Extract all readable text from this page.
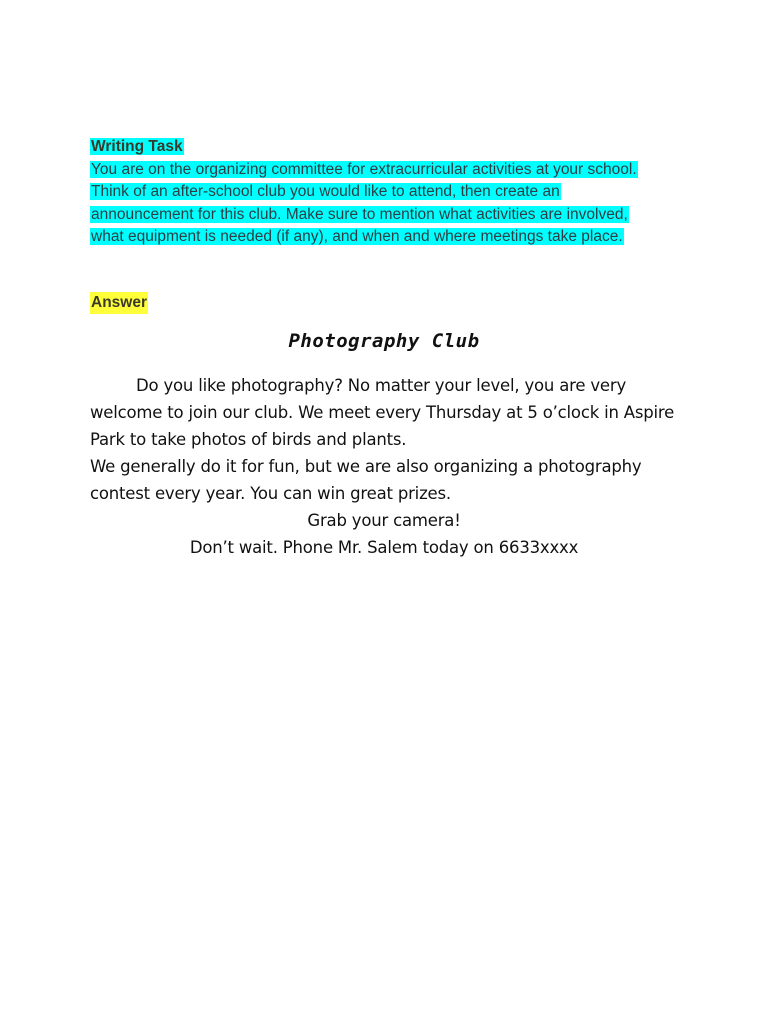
Writing Task
You are on the organizing committee for extracurricular activities at your school.
Think of an after-school club you would like to attend, then create an
announcement for this club. Make sure to mention what activities are involved,
what equipment is needed (if any), and when and where meetings take place.
Answer
Photography Club
Do you like photography? No matter your level, you are very
welcome to join our club. We meet every Thursday at 5 o’clock in Aspire
Park to take photos of birds and plants.
We generally do it for fun, but we are also organizing a photography
contest every year. You can win great prizes.
Grab your camera!
Don’t wait. Phone Mr. Salem today on 6633xxxx
